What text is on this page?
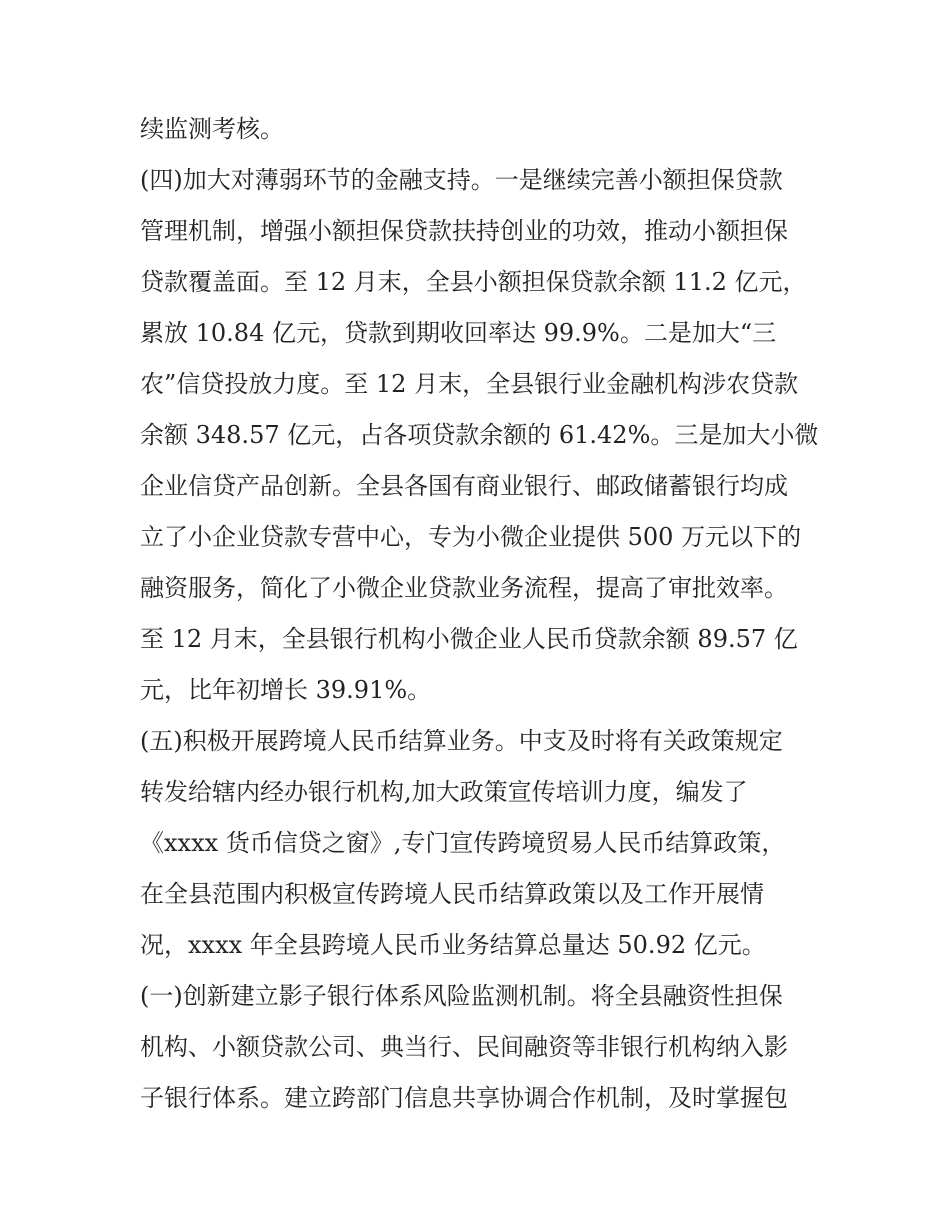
续监测考核。
(四)加大对薄弱环节的金融支持。一是继续完善小额担保贷款
管理机制，增强小额担保贷款扶持创业的功效，推动小额担保
贷款覆盖面。至 12 月末，全县小额担保贷款余额 11.2 亿元，
累放 10.84 亿元，贷款到期收回率达 99.9%。二是加大“三
农”信贷投放力度。至 12 月末，全县银行业金融机构涉农贷款
余额 348.57 亿元，占各项贷款余额的 61.42%。三是加大小微
企业信贷产品创新。全县各国有商业银行、邮政储蓄银行均成
立了小企业贷款专营中心，专为小微企业提供 500 万元以下的
融资服务，简化了小微企业贷款业务流程，提高了审批效率。
至 12 月末，全县银行机构小微企业人民币贷款余额 89.57 亿
元，比年初增长 39.91%。
(五)积极开展跨境人民币结算业务。中支及时将有关政策规定
转发给辖内经办银行机构,加大政策宣传培训力度，编发了
《xxxx 货币信贷之窗》,专门宣传跨境贸易人民币结算政策，
在全县范围内积极宣传跨境人民币结算政策以及工作开展情
况，xxxx 年全县跨境人民币业务结算总量达 50.92 亿元。
(一)创新建立影子银行体系风险监测机制。将全县融资性担保
机构、小额贷款公司、典当行、民间融资等非银行机构纳入影
子银行体系。建立跨部门信息共享协调合作机制，及时掌握包
